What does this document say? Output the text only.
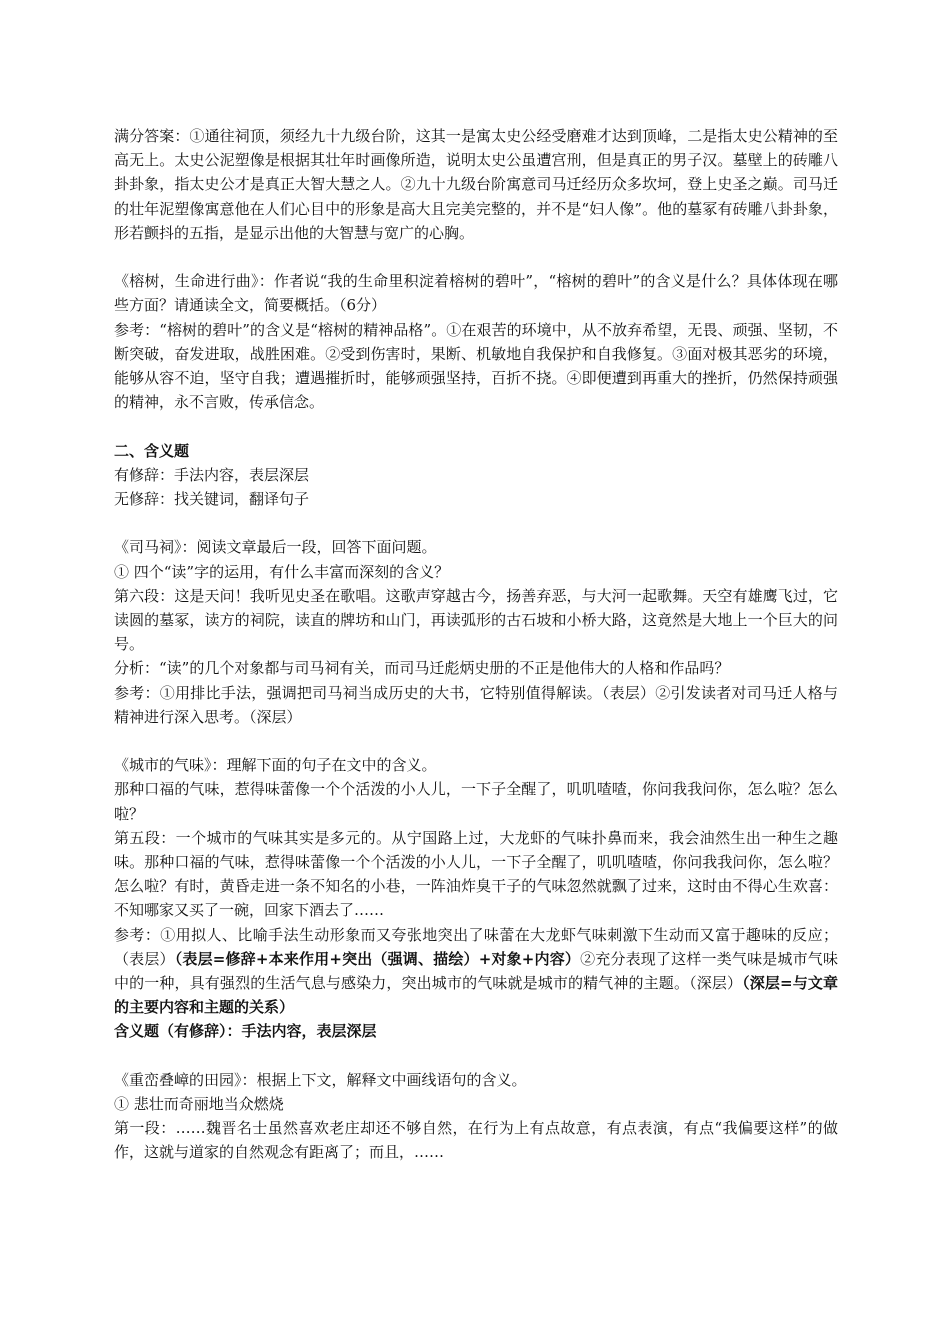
满分答案：①通往祠顶，须经九十九级台阶，这其一是寓太史公经受磨难才达到顶峰，二是指太史公精神的至高无上。太史公泥塑像是根据其壮年时画像所造，说明太史公虽遭宫刑，但是真正的男子汉。墓壁上的砖雕八卦卦象，指太史公才是真正大智大慧之人。②九十九级台阶寓意司马迁经历众多坎坷，登上史圣之巅。司马迁的壮年泥塑像寓意他在人们心目中的形象是高大且完美完整的，并不是“妇人像”。他的墓冢有砖雕八卦卦象，形若颤抖的五指，是显示出他的大智慧与宽广的心胸。

《榕树，生命进行曲》：作者说“我的生命里积淀着榕树的碧叶”，“榕树的碧叶”的含义是什么？具体体现在哪些方面？请通读全文，简要概括。（6分）

参考：“榕树的碧叶”的含义是“榕树的精神品格”。①在艰苦的环境中，从不放弃希望，无畏、顽强、坚韧，不断突破，奋发进取，战胜困难。②受到伤害时，果断、机敏地自我保护和自我修复。③面对极其恶劣的环境，能够从容不迫，坚守自我；遭遇摧折时，能够顽强坚持，百折不挠。④即便遭到再重大的挫折，仍然保持顽强的精神，永不言败，传承信念。

二、含义题

有修辞：手法内容，表层深层

无修辞：找关键词，翻译句子

《司马祠》：阅读文章最后一段，回答下面问题。

① 四个“读”字的运用，有什么丰富而深刻的含义？

第六段：这是天问！我听见史圣在歌唱。这歌声穿越古今，扬善弃恶，与大河一起歌舞。天空有雄鹰飞过，它读圆的墓冢，读方的祠院，读直的牌坊和山门，再读弧形的古石坡和小桥大路，这竟然是大地上一个巨大的问号。

分析：“读”的几个对象都与司马祠有关，而司马迁彪炳史册的不正是他伟大的人格和作品吗？

参考：①用排比手法，强调把司马祠当成历史的大书，它特别值得解读。（表层）②引发读者对司马迁人格与精神进行深入思考。（深层）

《城市的气味》：理解下面的句子在文中的含义。

那种口福的气味，惹得味蕾像一个个活泼的小人儿，一下子全醒了，叽叽喳喳，你问我我问你，怎么啦？怎么啦？

第五段：一个城市的气味其实是多元的。从宁国路上过，大龙虾的气味扑鼻而来，我会油然生出一种生之趣味。那种口福的气味，惹得味蕾像一个个活泼的小人儿，一下子全醒了，叽叽喳喳，你问我我问你，怎么啦？怎么啦？有时，黄昏走进一条不知名的小巷，一阵油炸臭干子的气味忽然就飘了过来，这时由不得心生欢喜：不知哪家又买了一碗，回家下酒去了……

参考：①用拟人、比喻手法生动形象而又夸张地突出了味蕾在大龙虾气味刺激下生动而又富于趣味的反应；（表层）（表层=修辞+本来作用+突出（强调、描绘）+对象+内容）②充分表现了这样一类气味是城市气味中的一种，具有强烈的生活气息与感染力，突出城市的气味就是城市的精气神的主题。（深层）（深层=与文章的主要内容和主题的关系）

含义题（有修辞）：手法内容，表层深层

《重峦叠嶂的田园》：根据上下文，解释文中画线语句的含义。

① 悲壮而奇丽地当众燃烧

第一段：……魏晋名士虽然喜欢老庄却还不够自然，在行为上有点故意，有点表演，有点“我偏要这样”的做作，这就与道家的自然观念有距离了；而且，……
